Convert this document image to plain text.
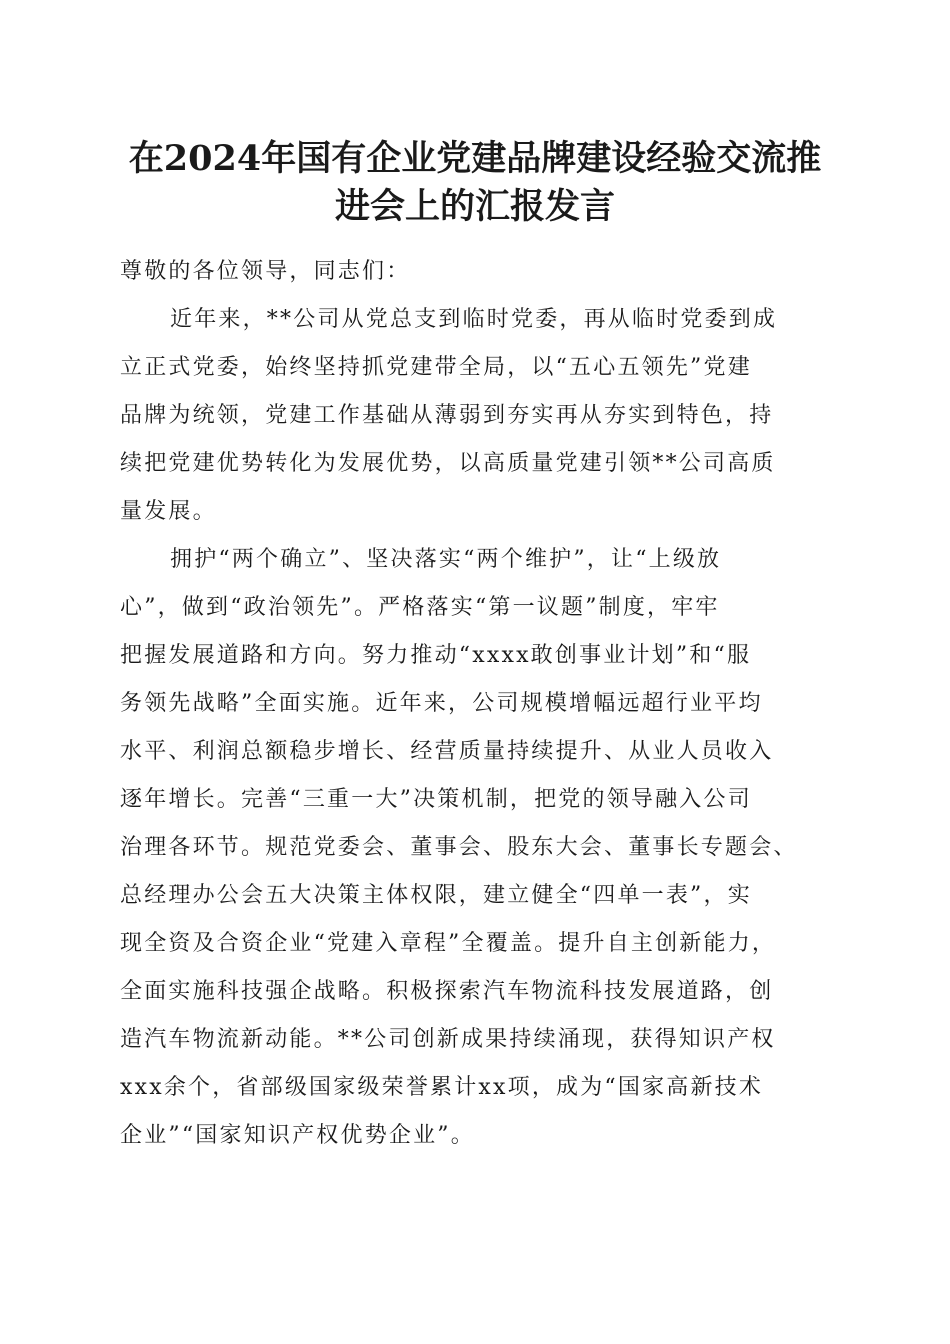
在2024年国有企业党建品牌建设经验交流推
进会上的汇报发言

尊敬的各位领导，同志们：

近年来，**公司从党总支到临时党委，再从临时党委到成

立正式党委，始终坚持抓党建带全局，以“五心五领先”党建

品牌为统领，党建工作基础从薄弱到夯实再从夯实到特色，持

续把党建优势转化为发展优势，以高质量党建引领**公司高质

量发展。

拥护“两个确立”、坚决落实“两个维护”，让“上级放

心”，做到“政治领先”。严格落实“第一议题”制度，牢牢

把握发展道路和方向。努力推动“xxxx敢创事业计划”和“服

务领先战略”全面实施。近年来，公司规模增幅远超行业平均

水平、利润总额稳步增长、经营质量持续提升、从业人员收入

逐年增长。完善“三重一大”决策机制，把党的领导融入公司

治理各环节。规范党委会、董事会、股东大会、董事长专题会、

总经理办公会五大决策主体权限，建立健全“四单一表”，实

现全资及合资企业“党建入章程”全覆盖。提升自主创新能力，

全面实施科技强企战略。积极探索汽车物流科技发展道路，创

造汽车物流新动能。**公司创新成果持续涌现，获得知识产权

xxx余个，省部级国家级荣誉累计xx项，成为“国家高新技术

企业”“国家知识产权优势企业”。
